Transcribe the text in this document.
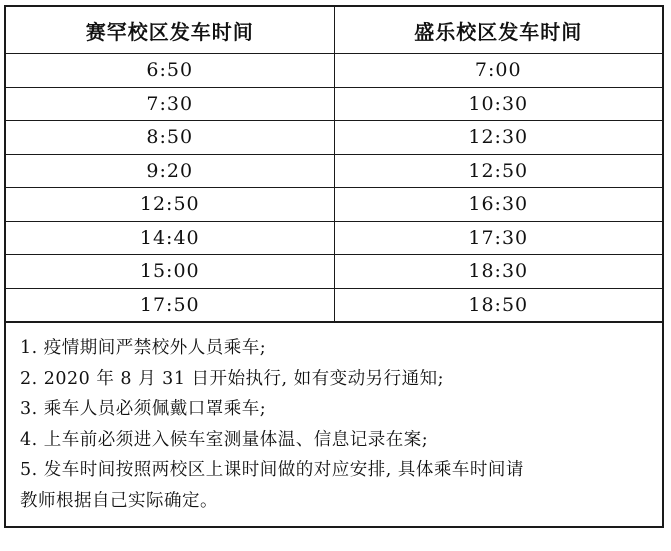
赛罕校区发车时间	盛乐校区发车时间
6:50	7:00
7:30	10:30
8:50	12:30
9:20	12:50
12:50	16:30
14:40	17:30
15:00	18:30
17:50	18:50
1. 疫情期间严禁校外人员乘车;
2. 2020 年 8 月 31 日开始执行, 如有变动另行通知;
3. 乘车人员必须佩戴口罩乘车;
4. 上车前必须进入候车室测量体温、信息记录在案;
5. 发车时间按照两校区上课时间做的对应安排, 具体乘车时间请
教师根据自己实际确定。
